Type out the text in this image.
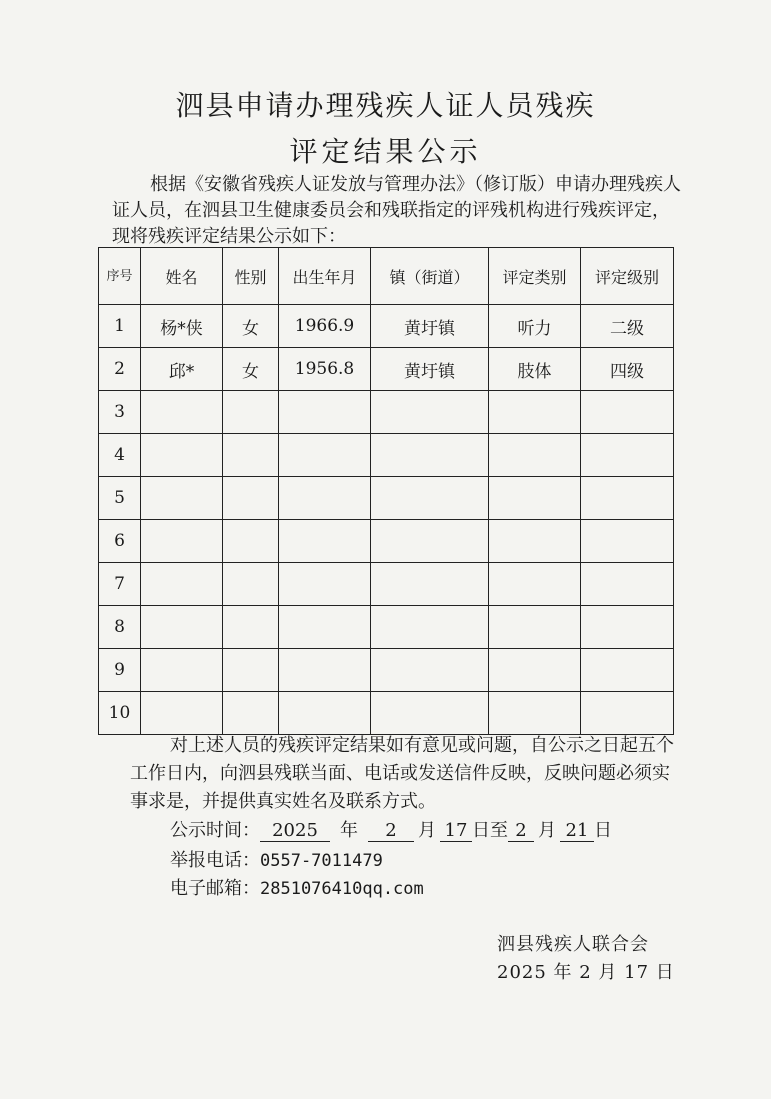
泗县申请办理残疾人证人员残疾
评定结果公示

根据《安徽省残疾人证发放与管理办法》（修订版）申请办理残疾人证人员，在泗县卫生健康委员会和残联指定的评残机构进行残疾评定，现将残疾评定结果公示如下：

序号	姓名	性别	出生年月	镇（街道）	评定类别	评定级别
1	杨*侠	女	1966.9	黄圩镇	听力	二级
2	邱*	女	1956.8	黄圩镇	肢体	四级
3						
4						
5						
6						
7						
8						
9						
10						

对上述人员的残疾评定结果如有意见或问题，自公示之日起五个工作日内，向泗县残联当面、电话或发送信件反映，反映问题必须实事求是，并提供真实姓名及联系方式。

公示时间： 2025 年 2 月 17 日至 2 月 21 日
举报电话：0557-7011479
电子邮箱：2851076410qq.com
泗县残疾人联合会
2025 年 2 月 17 日
